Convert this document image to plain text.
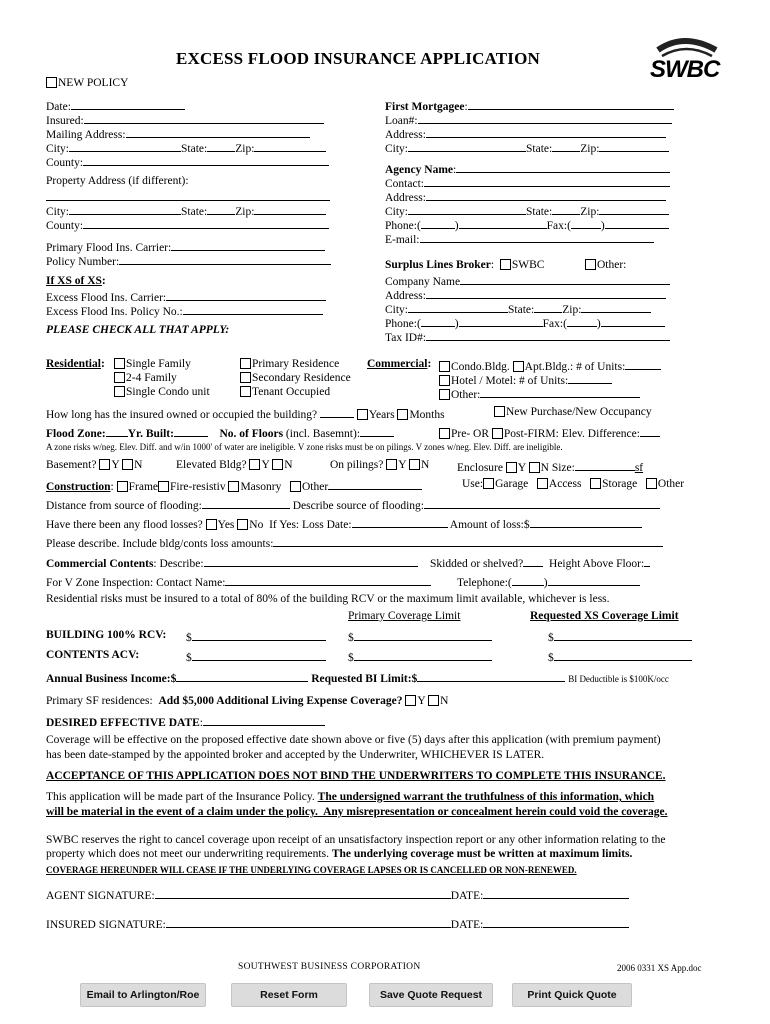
EXCESS FLOOD INSURANCE APPLICATION	SWBC
NEW POLICY
Date:
Insured:
Mailing Address:
City:	State: Zip:
County:
Property Address (if different):
City:	State: Zip:
County:
Primary Flood Ins. Carrier:
Policy Number:
If XS of XS:
Excess Flood Ins. Carrier:
Excess Flood Ins. Policy No.:
PLEASE CHECK ALL THAT APPLY:
First Mortgagee:
Loan#:
Address:
City:	State: Zip:
Agency Name:
Contact:
Address:
City:	State: Zip:
Phone:(	)	Fax:(	)
E-mail:
Surplus Lines Broker:  SWBC	Other:
Company Name
Address:
City:	State: Zip:
Phone:(	)	Fax:(	)
Tax ID#:
Residential:	Single Family
2-4 Family
Single Condo unit
Primary Residence
Secondary Residence
Tenant Occupied
Commercial:	Condo.Bldg. Apt.Bldg.: # of Units:
Hotel / Motel: # of Units:
Other:
How long has the insured owned or occupied the building?	Years Months	New Purchase/New Occupancy
Flood Zone: Yr. Built:	No. of Floors (incl. Basemnt):	Pre- OR Post-FIRM: Elev. Difference:
A zone risks w/neg. Elev. Diff. and w/in 1000' of water are ineligible. V zone risks must be on pilings. V zones w/neg. Elev. Diff. are ineligible.
Basement? Y N	Elevated Bldg? Y N	On pilings? Y N Enclosure Y N Size:	sf
Construction: Frame Fire-resistiv Masonry Other	Use: Garage Access Storage Other
Distance from source of flooding:	Describe source of flooding:
Have there been any flood losses? Yes No If Yes: Loss Date:	Amount of loss:$
Please describe. Include bldg/conts loss amounts:
Commercial Contents: Describe:	Skidded or shelved? Height Above Floor:
For V Zone Inspection: Contact Name:	Telephone:(	)
Residential risks must be insured to a total of 80% of the building RCV or the maximum limit available, whichever is less.
Primary Coverage Limit	Requested XS Coverage Limit
BUILDING 100% RCV: $	$	$
CONTENTS ACV:	$	$	$
Annual Business Income:$	Requested BI Limit:$	BI Deductible is $100K/occ
Primary SF residences: Add $5,000 Additional Living Expense Coverage? Y N
DESIRED EFFECTIVE DATE:
Coverage will be effective on the proposed effective date shown above or five (5) days after this application (with premium payment)
has been date-stamped by the appointed broker and accepted by the Underwriter, WHICHEVER IS LATER.
ACCEPTANCE OF THIS APPLICATION DOES NOT BIND THE UNDERWRITERS TO COMPLETE THIS INSURANCE.
This application will be made part of the Insurance Policy. The undersigned warrant the truthfulness of this information, which
will be material in the event of a claim under the policy. Any misrepresentation or concealment herein could void the coverage.
SWBC reserves the right to cancel coverage upon receipt of an unsatisfactory inspection report or any other information relating to the
property which does not meet our underwriting requirements. The underlying coverage must be written at maximum limits.
COVERAGE HEREUNDER WILL CEASE IF THE UNDERLYING COVERAGE LAPSES OR IS CANCELLED OR NON-RENEWED.
AGENT SIGNATURE:	DATE:
INSURED SIGNATURE:	DATE:
SOUTHWEST BUSINESS CORPORATION	2006 0331 XS App.doc
Email to Arlington/Roe	Reset Form	Save Quote Request	Print Quick Quote
